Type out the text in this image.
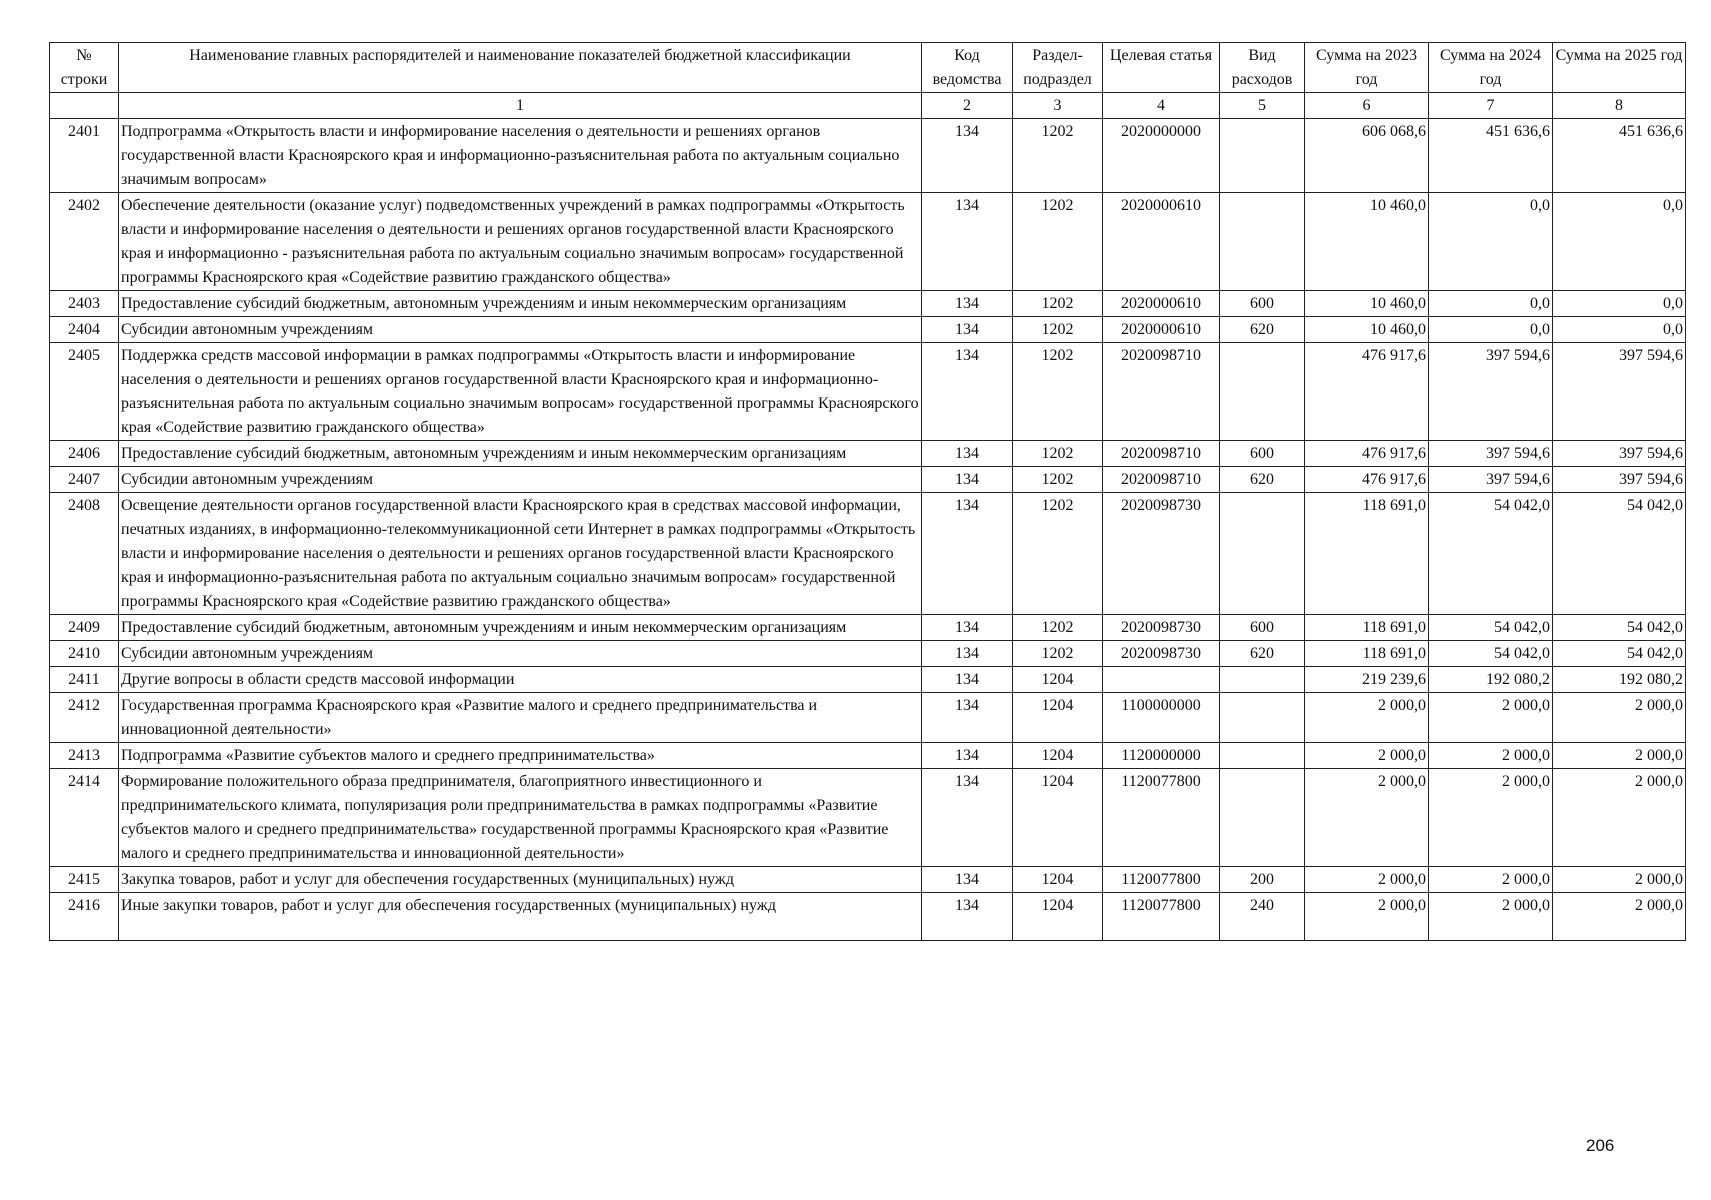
№ строки	Наименование главных распорядителей и наименование показателей бюджетной классификации	Код ведомства	Раздел-подраздел	Целевая статья	Вид расходов	Сумма на 2023 год	Сумма на 2024 год	Сумма на 2025 год
	1	2	3	4	5	6	7	8
2401	Подпрограмма «Открытость власти и информирование населения о деятельности и решениях органов государственной власти Красноярского края и информационно-разъяснительная работа по актуальным социально значимым вопросам»	134	1202	2020000000		606 068,6	451 636,6	451 636,6
2402	Обеспечение деятельности (оказание услуг) подведомственных учреждений в рамках подпрограммы «Открытость власти и информирование населения о деятельности и решениях органов государственной власти Красноярского края и информационно - разъяснительная работа по актуальным социально значимым вопросам» государственной программы Красноярского края «Содействие развитию гражданского общества»	134	1202	2020000610		10 460,0	0,0	0,0
2403	Предоставление субсидий бюджетным, автономным учреждениям и иным некоммерческим организациям	134	1202	2020000610	600	10 460,0	0,0	0,0
2404	Субсидии автономным учреждениям	134	1202	2020000610	620	10 460,0	0,0	0,0
2405	Поддержка средств массовой информации в рамках подпрограммы «Открытость власти и информирование населения о деятельности и решениях органов государственной власти Красноярского края и информационно-разъяснительная работа по актуальным социально значимым вопросам» государственной программы Красноярского края «Содействие развитию гражданского общества»	134	1202	2020098710		476 917,6	397 594,6	397 594,6
2406	Предоставление субсидий бюджетным, автономным учреждениям и иным некоммерческим организациям	134	1202	2020098710	600	476 917,6	397 594,6	397 594,6
2407	Субсидии автономным учреждениям	134	1202	2020098710	620	476 917,6	397 594,6	397 594,6
2408	Освещение деятельности органов государственной власти Красноярского края в средствах массовой информации, печатных изданиях, в информационно-телекоммуникационной сети Интернет в рамках подпрограммы «Открытость власти и информирование населения о деятельности и решениях органов государственной власти Красноярского края и информационно-разъяснительная работа по актуальным социально значимым вопросам» государственной программы Красноярского края «Содействие развитию гражданского общества»	134	1202	2020098730		118 691,0	54 042,0	54 042,0
2409	Предоставление субсидий бюджетным, автономным учреждениям и иным некоммерческим организациям	134	1202	2020098730	600	118 691,0	54 042,0	54 042,0
2410	Субсидии автономным учреждениям	134	1202	2020098730	620	118 691,0	54 042,0	54 042,0
2411	Другие вопросы в области средств массовой информации	134	1204			219 239,6	192 080,2	192 080,2
2412	Государственная программа Красноярского края «Развитие малого и среднего предпринимательства и инновационной деятельности»	134	1204	1100000000		2 000,0	2 000,0	2 000,0
2413	Подпрограмма «Развитие субъектов малого и среднего предпринимательства»	134	1204	1120000000		2 000,0	2 000,0	2 000,0
2414	Формирование положительного образа предпринимателя, благоприятного инвестиционного и предпринимательского климата, популяризация роли предпринимательства в рамках подпрограммы «Развитие субъектов малого и среднего предпринимательства» государственной программы Красноярского края «Развитие малого и среднего предпринимательства и инновационной деятельности»	134	1204	1120077800		2 000,0	2 000,0	2 000,0
2415	Закупка товаров, работ и услуг для обеспечения государственных (муниципальных) нужд	134	1204	1120077800	200	2 000,0	2 000,0	2 000,0
2416	Иные закупки товаров, работ и услуг для обеспечения государственных (муниципальных) нужд	134	1204	1120077800	240	2 000,0	2 000,0	2 000,0
206
